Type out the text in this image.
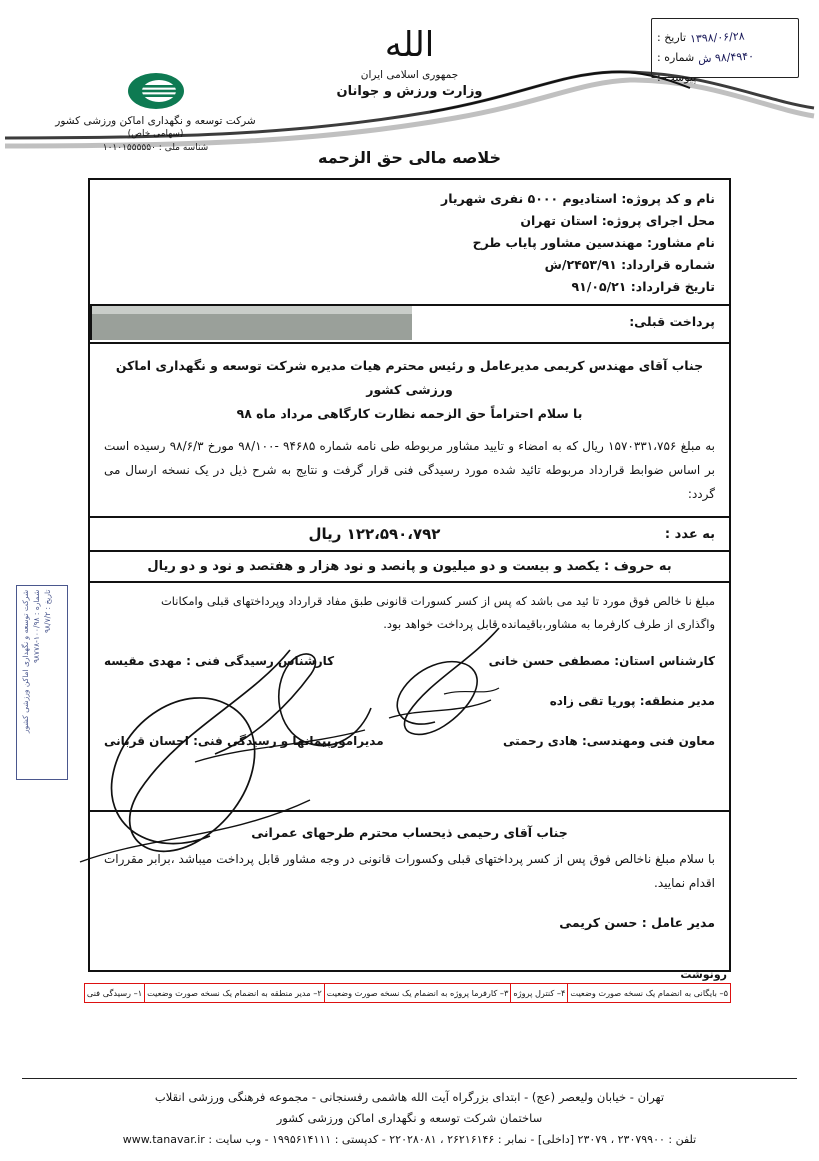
۱۳۹۸/۰۶/۲۸
تاریخ :
۹۸/۴۹۴۰ ش
شماره :
پیوست :
الله
جمهوری اسلامی ایران
وزارت ورزش و جوانان
شرکت توسعه و نگهداری اماکن ورزشی کشور
(سهامی خاص)
شناسه ملی : ۱۰۱۰۱۵۵۵۵۵۰	خلاصه مالی حق الزحمه
نام و کد پروژه: استادیوم ۵۰۰۰ نفری شهریار
محل اجرای پروژه: استان تهران
نام مشاور: مهندسین مشاور پایاب طرح
شماره قرارداد: ۲۴۵۳/۹۱/ش
تاریخ قرارداد: ۹۱/۰۵/۲۱
پرداخت قبلی:
جناب آقای مهندس کریمی مدیرعامل و رئیس محترم هیات مدیره شرکت توسعه و نگهداری اماکن ورزشی کشور
با سلام احتراماً حق الزحمه نظارت کارگاهی مرداد ماه ۹۸
به مبلغ ۱۵۷۰۳۳۱،۷۵۶ ریال که به امضاء و تایید مشاور مربوطه طی نامه شماره ۹۴۶۸۵ -۹۸/۱۰۰ مورخ ۹۸/۶/۳ رسیده است بر اساس ضوابط قرارداد مربوطه تائید شده مورد رسیدگی فنی قرار گرفت و نتایج به شرح ذیل در یک نسخه ارسال می گردد:
به عدد :
۱۲۲،۵۹۰،۷۹۲ ریال
به حروف : یکصد و بیست و دو میلیون و پانصد و نود هزار و هفتصد و نود و دو ریال
مبلغ نا خالص فوق مورد تا ئید می باشد که پس از کسر کسورات قانونی طبق مفاد قرارداد وپرداختهای قبلی وامکانات
واگذاری از طرف کارفرما به مشاور،باقیمانده قابل پرداخت خواهد بود.
کارشناس رسیدگی فنی : مهدی مقیسه
مدیرامورپیمانها و رسیدگی فنی: احسان قربانی
کارشناس استان: مصطفی حسن خانی
مدیر منطقه: پوریا تقی زاده
معاون فنی ومهندسی: هادی رحمتی
جناب آقای رحیمی ذیحساب محترم طرحهای عمرانی
با سلام مبلغ ناخالص فوق پس از کسر پرداختهای قبلی وکسورات قانونی در وجه مشاور قابل پرداخت میباشد ،برابر مقررات اقدام نمایید.
مدیر عامل : حسن کریمی
شرکت توسعه و نگهداری اماکن ورزشی کشور شماره : ۱۰۰/۹۸-۹۸۷۷۸
تاریخ : ۹۸/۷/۲
رونوشت
۵– بایگانی به انضمام یک نسخه صورت وضعیت	۴– کنترل پروژه	۳– کارفرما پروژه به انضمام یک نسخه صورت وضعیت	۲– مدیر منطقه به انضمام یک نسخه صورت وضعیت	۱– رسیدگی فنی
تهران - خیابان ولیعصر (عج) - ابتدای بزرگراه آیت الله هاشمی رفسنجانی - مجموعه فرهنگی ورزشی انقلاب
ساختمان شرکت توسعه و نگهداری اماکن ورزشی کشور
تلفن : ۲۳۰۷۹۹۰۰ ، ۲۳۰۷۹ [داخلی] - نمابر : ۲۶۲۱۶۱۴۶ ، ۲۲۰۲۸۰۸۱ - کدپستی : ۱۹۹۵۶۱۴۱۱۱ - وب سایت : www.tanavar.ir
